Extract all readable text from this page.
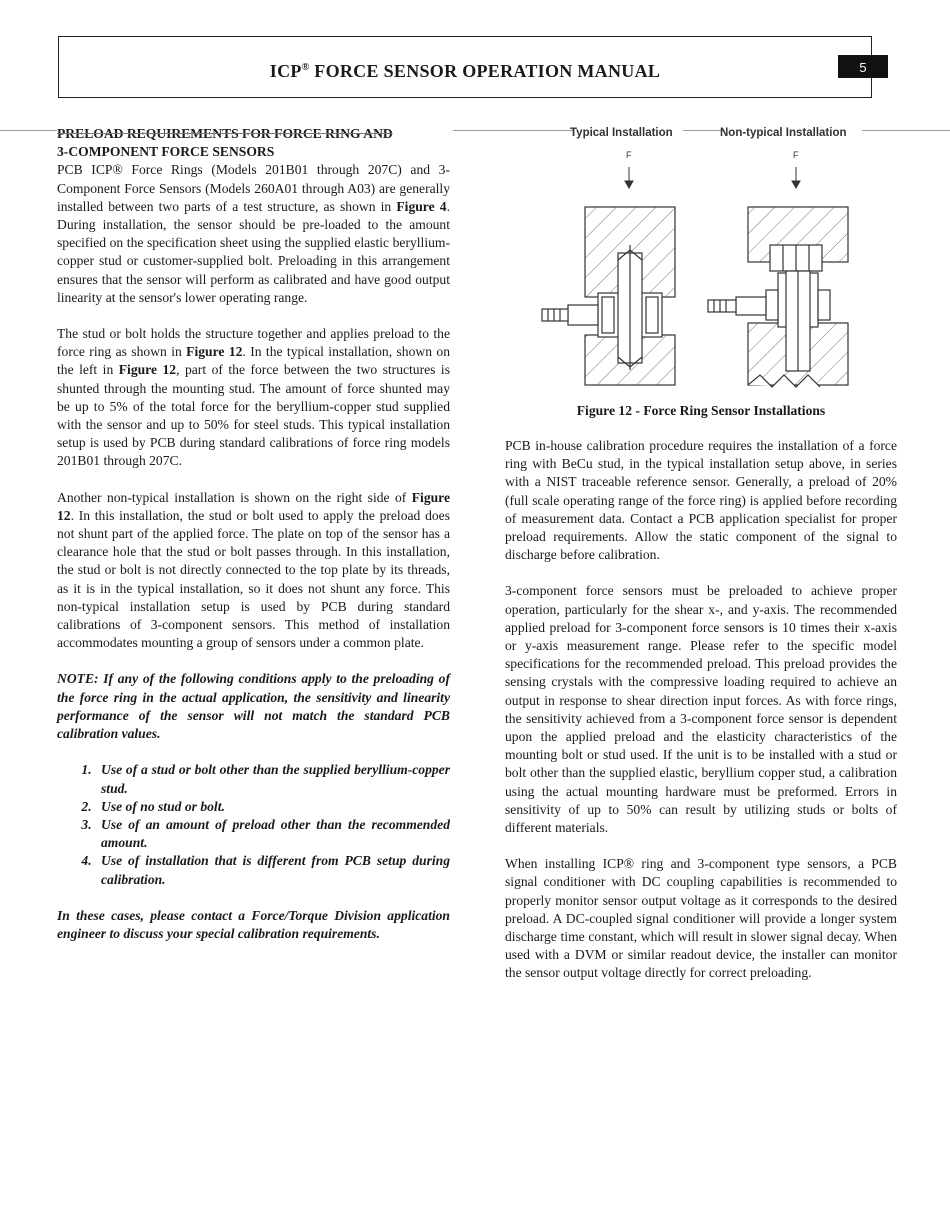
ICP® FORCE SENSOR OPERATION MANUAL	5
PRELOAD REQUIREMENTS FOR FORCE RING AND
3-COMPONENT FORCE SENSORS

PCB ICP® Force Rings (Models 201B01 through 207C) and 3-Component Force Sensors (Models 260A01 through A03) are generally installed between two parts of a test structure, as shown in Figure 4. During installation, the sensor should be pre-loaded to the amount specified on the specification sheet using the supplied elastic beryllium-copper stud or customer-supplied bolt. Preloading in this arrangement ensures that the sensor will perform as calibrated and have good output linearity at the sensor's lower operating range.

The stud or bolt holds the structure together and applies preload to the force ring as shown in Figure 12. In the typical installation, shown on the left in Figure 12, part of the force between the two structures is shunted through the mounting stud. The amount of force shunted may be up to 5% of the total force for the beryllium-copper stud supplied with the sensor and up to 50% for steel studs. This typical installation setup is used by PCB during standard calibrations of force ring models 201B01 through 207C.

Another non-typical installation is shown on the right side of Figure 12. In this installation, the stud or bolt used to apply the preload does not shunt part of the applied force. The plate on top of the sensor has a clearance hole that the stud or bolt passes through. In this installation, the stud or bolt is not directly connected to the top plate by its threads, as it is in the typical installation, so it does not shunt any force. This non-typical installation setup is used by PCB during standard calibrations of 3-component sensors. This method of installation accommodates mounting a group of sensors under a common plate.

NOTE: If any of the following conditions apply to the preloading of the force ring in the actual application, the sensitivity and linearity performance of the sensor will not match the standard PCB calibration values.

1. Use of a stud or bolt other than the supplied beryllium-copper stud.
2. Use of no stud or bolt.
3. Use of an amount of preload other than the recommended amount.
4. Use of installation that is different from PCB setup during calibration.

In these cases, please contact a Force/Torque Division application engineer to discuss your special calibration requirements.

Typical Installation	Non-typical Installation
F	F
Figure 12 - Force Ring Sensor Installations

PCB in-house calibration procedure requires the installation of a force ring with BeCu stud, in the typical installation setup above, in series with a NIST traceable reference sensor. Generally, a preload of 20% (full scale operating range of the force ring) is applied before recording of measurement data. Contact a PCB application specialist for proper preload requirements. Allow the static component of the signal to discharge before calibration.

3-component force sensors must be preloaded to achieve proper operation, particularly for the shear x-, and y-axis. The recommended applied preload for 3-component force sensors is 10 times their x-axis or y-axis measurement range. Please refer to the specific model specifications for the recommended preload. This preload provides the sensing crystals with the compressive loading required to achieve an output in response to shear direction input forces. As with force rings, the sensitivity achieved from a 3-component force sensor is dependent upon the applied preload and the elasticity characteristics of the mounting bolt or stud used. If the unit is to be installed with a stud or bolt other than the supplied elastic, beryllium copper stud, a calibration using the actual mounting hardware must be preformed. Errors in sensitivity of up to 50% can result by utilizing studs or bolts of different materials.

When installing ICP® ring and 3-component type sensors, a PCB signal conditioner with DC coupling capabilities is recommended to properly monitor sensor output voltage as it corresponds to the desired preload. A DC-coupled signal conditioner will provide a longer system discharge time constant, which will result in slower signal decay. When used with a DVM or similar readout device, the installer can monitor the sensor output voltage directly for correct preloading.
